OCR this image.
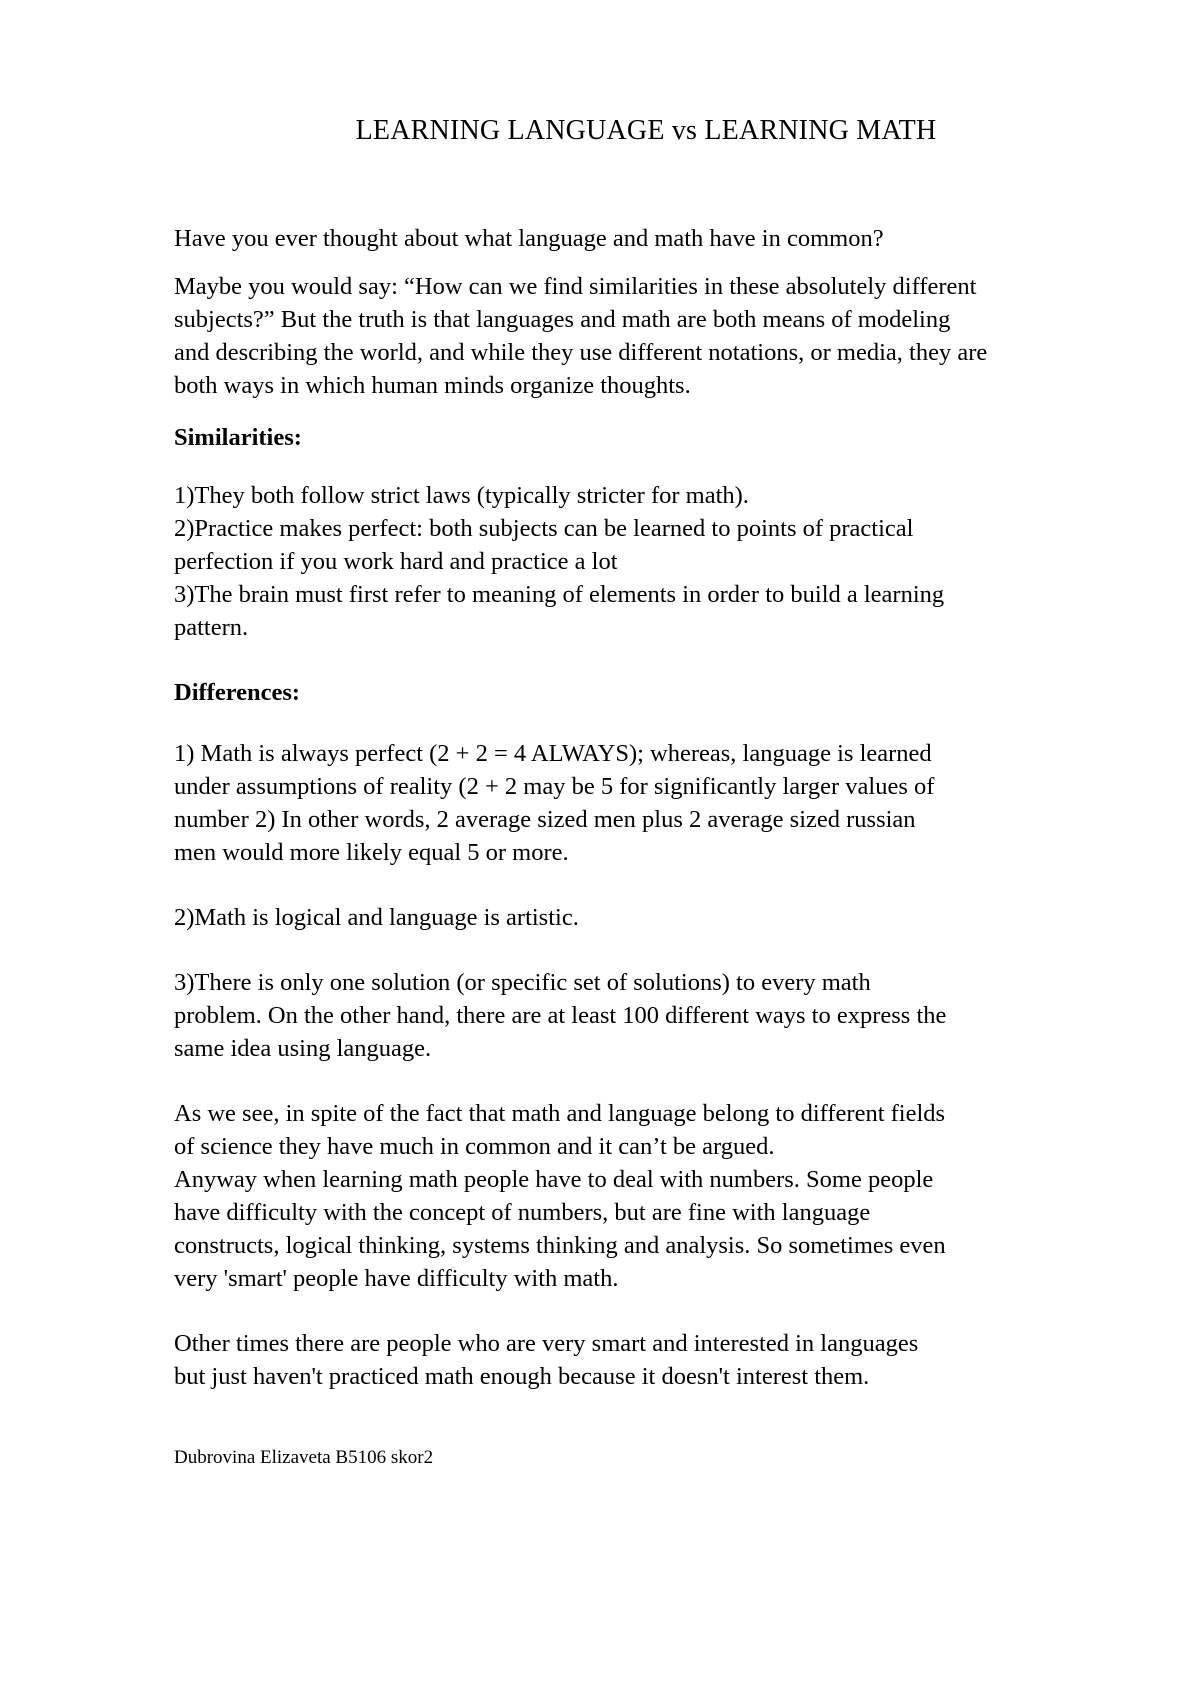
LEARNING LANGUAGE vs LEARNING MATH

Have you ever thought about what language and math have in common?

Maybe you would say: “How can we find similarities in these absolutely different

subjects?” But the truth is that languages and math are both means of modeling

and describing the world, and while they use different notations, or media, they are

both ways in which human minds organize thoughts.

Similarities:

1)They both follow strict laws (typically stricter for math).

2)Practice makes perfect: both subjects can be learned to points of practical

perfection if you work hard and practice a lot

3)The brain must first refer to meaning of elements in order to build a learning

pattern.

Differences:

1) Math is always perfect (2 + 2 = 4 ALWAYS); whereas, language is learned

under assumptions of reality (2 + 2 may be 5 for significantly larger values of

number 2) In other words, 2 average sized men plus 2 average sized russian

men would more likely equal 5 or more.

2)Math is logical and language is artistic.

3)There is only one solution (or specific set of solutions) to every math

problem. On the other hand, there are at least 100 different ways to express the

same idea using language.

As we see, in spite of the fact that math and language belong to different fields

of science they have much in common and it can’t be argued.

Anyway when learning math people have to deal with numbers. Some people

have difficulty with the concept of numbers, but are fine with language

constructs, logical thinking, systems thinking and analysis. So sometimes even

very 'smart' people have difficulty with math.

Other times there are people who are very smart and interested in languages

but just haven't practiced math enough because it doesn't interest them.

Dubrovina Elizaveta B5106 skor2
